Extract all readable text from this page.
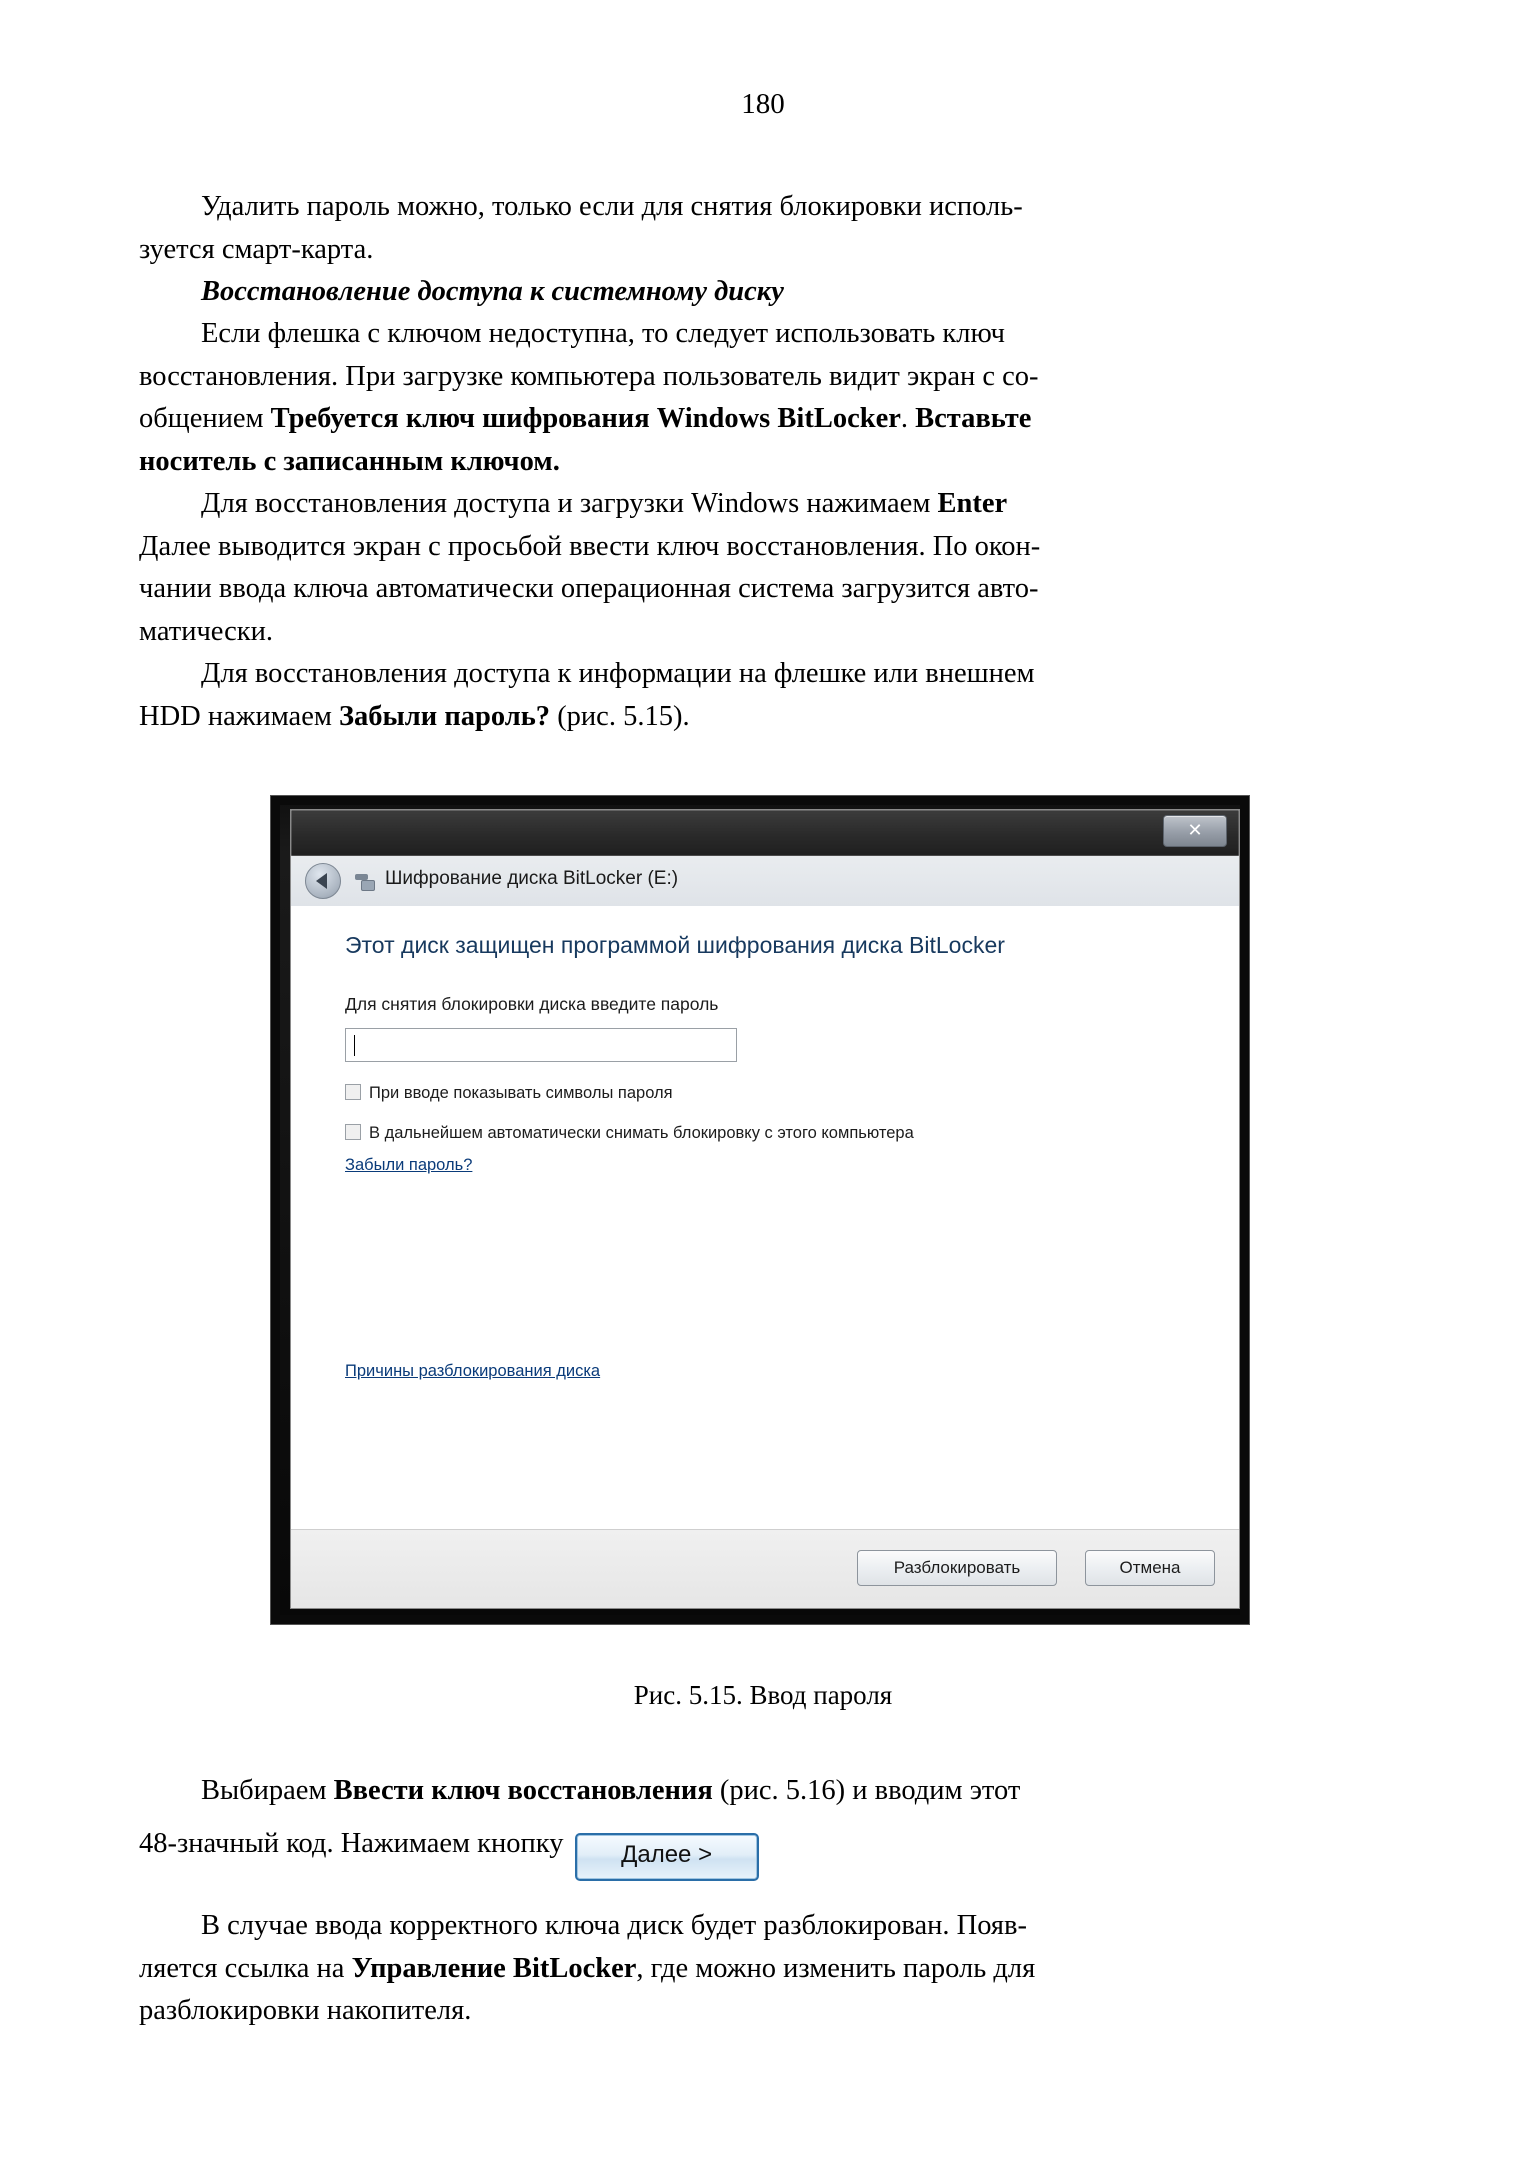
180
Удалить пароль можно, только если для снятия блокировки исполь-
зуется смарт-карта.
Восстановление доступа к системному диску
Если флешка с ключом недоступна, то следует использовать ключ
восстановления. При загрузке компьютера пользователь видит экран с со-
общением Требуется ключ шифрования Windows BitLocker. Вставьте
носитель с записанным ключом.
Для восстановления доступа и загрузки Windows нажимаем Enter
Далее выводится экран с просьбой ввести ключ восстановления. По окон-
чании ввода ключа автоматически операционная система загрузится авто-
матически.
Для восстановления доступа к информации на флешке или внешнем
HDD нажимаем Забыли пароль? (рис. 5.15).
✕
Шифрование диска BitLocker (E:)
Этот диск защищен программой шифрования диска BitLocker
Для снятия блокировки диска введите пароль
При вводе показывать символы пароля
В дальнейшем автоматически снимать блокировку с этого компьютера
Забыли пароль?
Причины разблокирования диска
Разблокировать	Отмена
Рис. 5.15. Ввод пароля
Выбираем Ввести ключ восстановления (рис. 5.16) и вводим этот
48-значный код. Нажимаем кнопку Далее >
В случае ввода корректного ключа диск будет разблокирован. Появ-
ляется ссылка на Управление BitLocker, где можно изменить пароль для
разблокировки накопителя.
